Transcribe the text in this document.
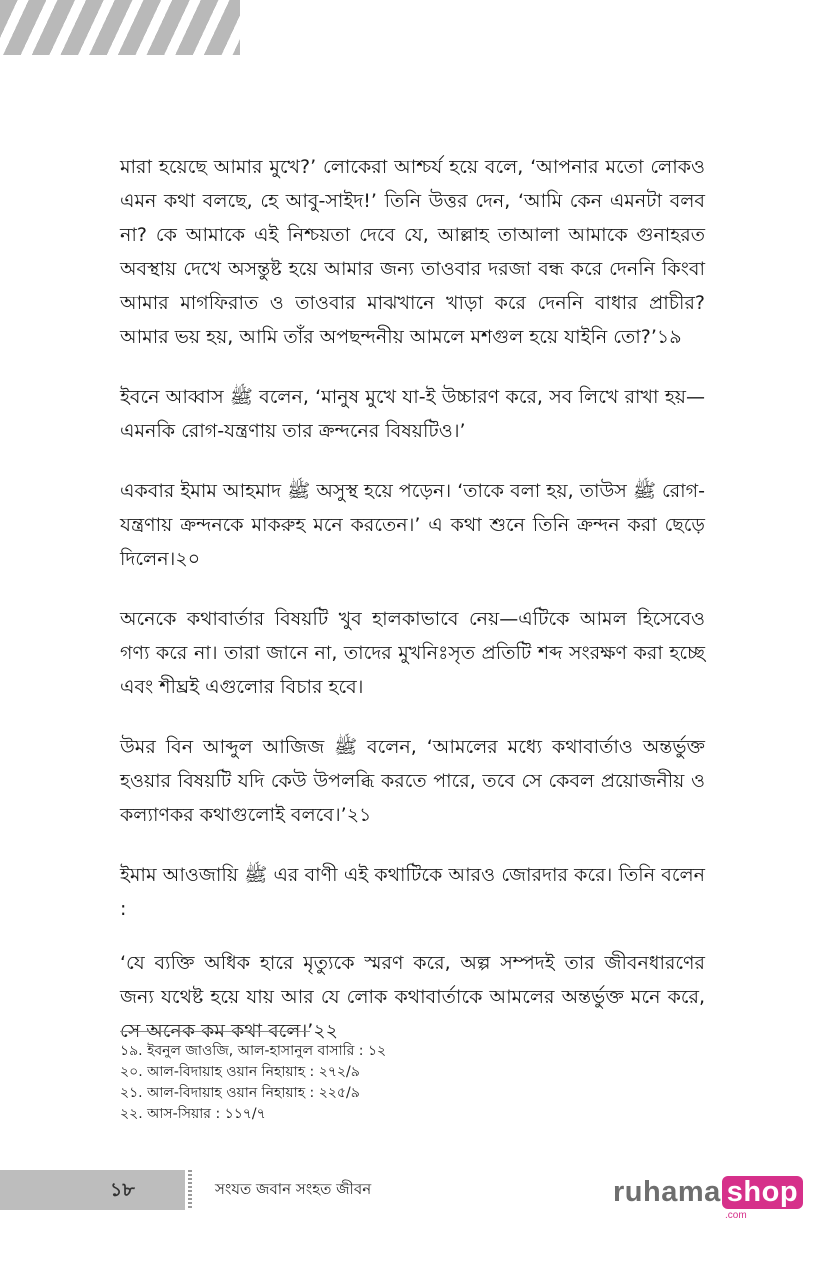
মারা হয়েছে আমার মুখে?’ লোকেরা আশ্চর্য হয়ে বলে, ‘আপনার মতো লোকও এমন কথা বলছে, হে আবু-সাইদ!’ তিনি উত্তর দেন, ‘আমি কেন এমনটা বলব না? কে আমাকে এই নিশ্চয়তা দেবে যে, আল্লাহ তাআলা আমাকে গুনাহরত অবস্থায় দেখে অসন্তুষ্ট হয়ে আমার জন্য তাওবার দরজা বন্ধ করে দেননি কিংবা আমার মাগফিরাত ও তাওবার মাঝখানে খাড়া করে দেননি বাধার প্রাচীর? আমার ভয় হয়, আমি তাঁর অপছন্দনীয় আমলে মশগুল হয়ে যাইনি তো?’১৯

ইবনে আব্বাস ﷺ বলেন, ‘মানুষ মুখে যা-ই উচ্চারণ করে, সব লিখে রাখা হয়—এমনকি রোগ-যন্ত্রণায় তার ক্রন্দনের বিষয়টিও।’

একবার ইমাম আহমাদ ﷺ অসুস্থ হয়ে পড়েন। ‘তাকে বলা হয়, তাউস ﷺ রোগ-যন্ত্রণায় ক্রন্দনকে মাকরুহ মনে করতেন।’ এ কথা শুনে তিনি ক্রন্দন করা ছেড়ে দিলেন।২০

অনেকে কথাবার্তার বিষয়টি খুব হালকাভাবে নেয়—এটিকে আমল হিসেবেও গণ্য করে না। তারা জানে না, তাদের মুখনিঃসৃত প্রতিটি শব্দ সংরক্ষণ করা হচ্ছে এবং শীঘ্রই এগুলোর বিচার হবে।

উমর বিন আব্দুল আজিজ ﷺ বলেন, ‘আমলের মধ্যে কথাবার্তাও অন্তর্ভুক্ত হওয়ার বিষয়টি যদি কেউ উপলব্ধি করতে পারে, তবে সে কেবল প্রয়োজনীয় ও কল্যাণকর কথাগুলোই বলবে।’২১

ইমাম আওজায়ি ﷺ এর বাণী এই কথাটিকে আরও জোরদার করে। তিনি বলেন :

‘যে ব্যক্তি অধিক হারে মৃত্যুকে স্মরণ করে, অল্প সম্পদই তার জীবনধারণের জন্য যথেষ্ট হয়ে যায় আর যে লোক কথাবার্তাকে আমলের অন্তর্ভুক্ত মনে করে, সে অনেক কম কথা বলে।’২২

১৯. ইবনুল জাওজি, আল-হাসানুল বাসারি : ১২
২০. আল-বিদায়াহ ওয়ান নিহায়াহ : ২৭২/৯
২১. আল-বিদায়াহ ওয়ান নিহায়াহ : ২২৫/৯
২২. আস-সিয়ার : ১১৭/৭
১৮	সংযত জবান সংহত জীবন	ruhama shop
.com
